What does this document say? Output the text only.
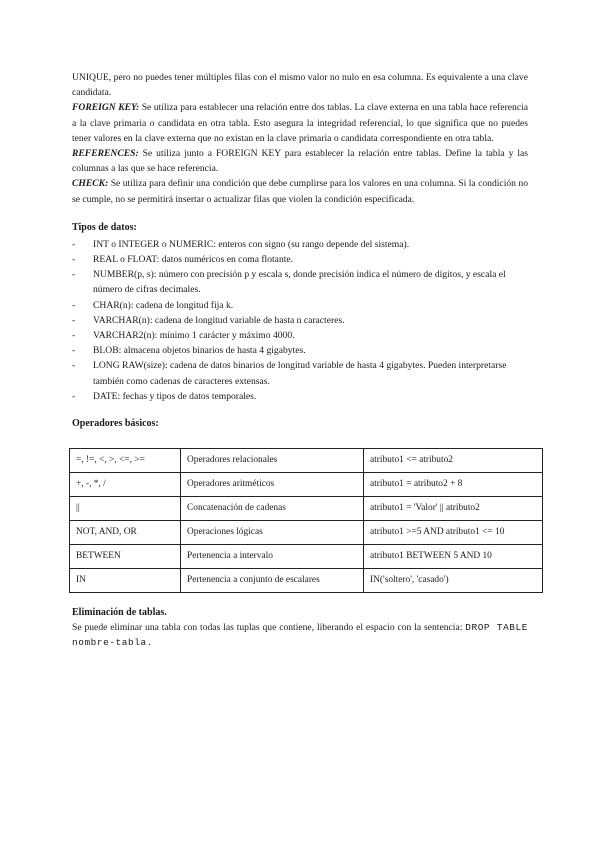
UNIQUE, pero no puedes tener múltiples filas con el mismo valor no nulo en esa columna. Es equivalente a una clave candidata.

FOREIGN KEY: Se utiliza para establecer una relación entre dos tablas. La clave externa en una tabla hace referencia a la clave primaria o candidata en otra tabla. Esto asegura la integridad referencial, lo que significa que no puedes tener valores en la clave externa que no existan en la clave primaria o candidata correspondiente en otra tabla.

REFERENCES: Se utiliza junto a FOREIGN KEY para establecer la relación entre tablas. Define la tabla y las columnas a las que se hace referencia.

CHECK: Se utiliza para definir una condición que debe cumplirse para los valores en una columna. Si la condición no se cumple, no se permitirá insertar o actualizar filas que violen la condición especificada.

Tipos de datos:
-	INT o INTEGER o NUMERIC: enteros con signo (su rango depende del sistema).
-	REAL o FLOAT: datos numéricos en coma flotante.
-	NUMBER(p, s): número con precisión p y escala s, donde precisión indica el número de dígitos, y escala el número de cifras decimales.
-	CHAR(n): cadena de longitud fija k.
-	VARCHAR(n): cadena de longitud variable de hasta n caracteres.
-	VARCHAR2(n): mínimo 1 carácter y máximo 4000.
-	BLOB: almacena objetos binarios de hasta 4 gigabytes.
-	LONG RAW(size): cadena de datos binarios de longitud variable de hasta 4 gigabytes. Pueden interpretarse también como cadenas de caracteres extensas.
-	DATE: fechas y tipos de datos temporales.
Operadores básicos:
=, !=, <, >, <=, >=	Operadores relacionales	atributo1 <= atributo2
+, -, *, /	Operadores aritméticos	atributo1 = atributo2 + 8
||	Concatenación de cadenas	atributo1 = 'Valor' || atributo2
NOT, AND, OR	Operaciones lógicas	atributo1 >=5 AND atributo1 <= 10
BETWEEN	Pertenencia a intervalo	atributo1 BETWEEN 5 AND 10
IN	Pertenencia a conjunto de escalares	IN('soltero', 'casado')
Eliminación de tablas.

Se puede eliminar una tabla con todas las tuplas que contiene, liberando el espacio con la sentencia: DROP TABLE nombre-tabla.
